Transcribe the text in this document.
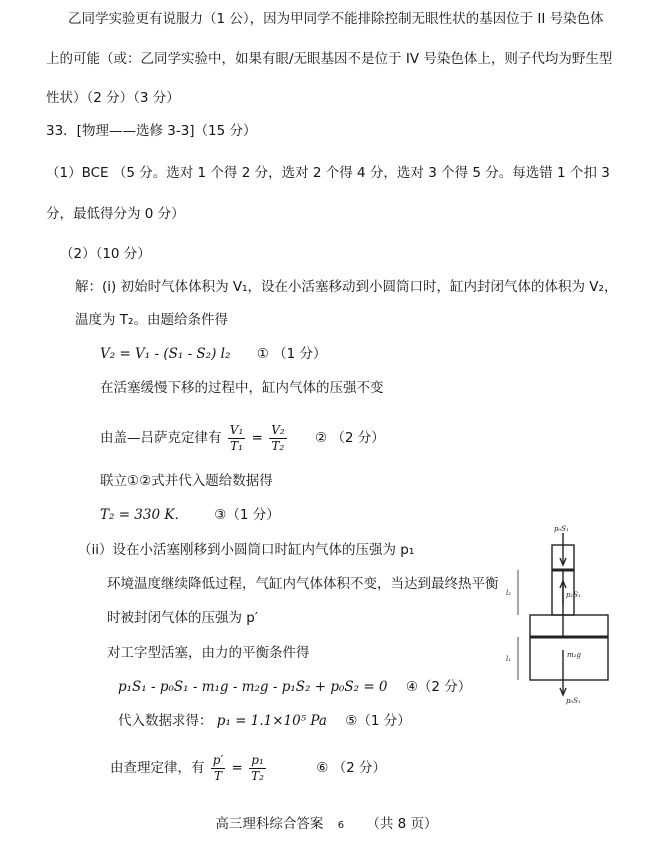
乙同学实验更有说服力（1 公），因为甲同学不能排除控制无眼性状的基因位于 II 号染色体
上的可能（或：乙同学实验中，如果有眼/无眼基因不是位于 IV 号染色体上，则子代均为野生型
性状）（2 分）（3 分）
33．[物理——选修 3-3]（15 分）
（1）BCE （5 分。选对 1 个得 2 分，选对 2 个得 4 分，选对 3 个得 5 分。每选错 1 个扣 3
分，最低得分为 0 分）
（2）（10 分）
解：(i) 初始时气体体积为 V₁，设在小活塞移动到小圆筒口时，缸内封闭气体的体积为 V₂，
温度为 T₂。由题给条件得
V₂ = V₁ - (S₁ - S₂) l₂ ① （1 分）
在活塞缓慢下移的过程中，缸内气体的压强不变
由盖—吕萨克定律有 $\frac{\text{V₁}}{\text{T₁}} = \frac{\text{V₂}}{\text{T₂}}$ ② （2 分）
联立①②式并代入题给数据得
T₂ = 330 K． ③（1 分）
（ii）设在小活塞刚移到小圆筒口时缸内气体的压强为 p₁
环境温度继续降低过程，气缸内气体体积不变，当达到最终热平衡
时被封闭气体的压强为 p′
对工字型活塞，由力的平衡条件得
p₁S₁ - p₀S₁ - m₁g - m₂g - p₁S₂ + p₀S₂ = 0 ④（2 分）
代入数据求得： p₁ = 1.1×10⁵ Pa ⑤（1 分）
由查理定律，有 $\frac{p'}{T} = \frac{\text{p₁}}{\text{T₂}}$	⑥ （2 分）
p₀S₁
p₁S₁
l₂
l₁	m₂g
p₀S₁
高三理科综合答案 6 （共 8 页）
